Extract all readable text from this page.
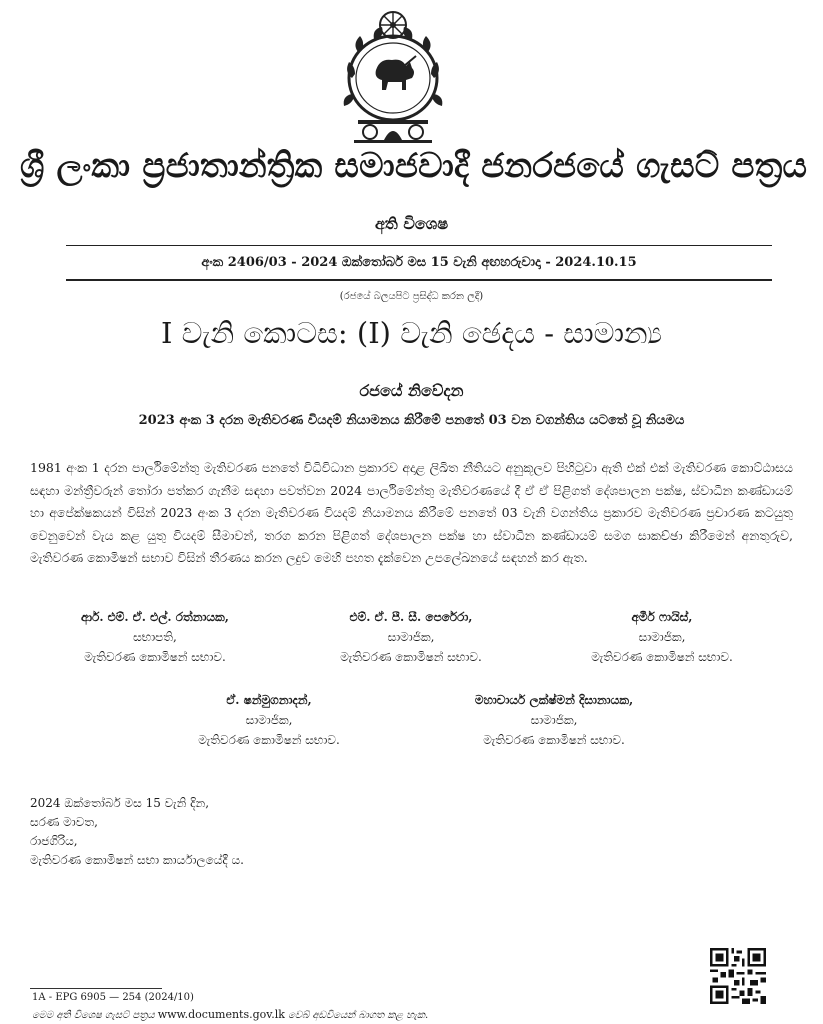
ශ්‍රී ලංකා ප්‍රජාතාන්ත්‍රික සමාජවාදී ජනරජයේ ගැසට් පත්‍රය
අති විශෙෂ
අංක 2406/03 - 2024 ඔක්තෝබර් මස 15 වැනි අඟහරුවාදා - 2024.10.15
(රජයේ බලයපිට ප්‍රසිද්ධ කරන ලදී)
I වැනි කොටස: (I) වැනි ඡෙදය - සාමාන්‍ය
රජයේ නිවේදන
2023 අංක 3 දරන මැතිවරණ වියදම් නියාමනය කිරීමේ පනතේ 03 වන වගන්තිය යටතේ වූ නියමය
1981 අංක 1 දරන පාර්ලිමේන්තු මැතිවරණ පනතේ විධිවිධාන ප්‍රකාරව අදාළ ලිඛිත නීතියට අනුකූලව පිහිටුවා ඇති එක් එක් මැතිවරණ කොට්ඨාසය සඳහා මන්ත්‍රීවරුන් තෝරා පත්කර ගැනීම සඳහා පවත්වන 2024 පාර්ලිමේන්තු මැතිවරණයේ දී ඒ ඒ පිළිගත් දේශපාලන පක්ෂ, ස්වාධීන කණ්ඩායම් හා අපේක්ෂකයන් විසින් 2023 අංක 3 දරන මැතිවරණ වියදම් නියාමනය කිරීමේ පනතේ 03 වැනි වගන්තිය ප්‍රකාරව මැතිවරණ ප්‍රචාරණ කටයුතු වෙනුවෙන් වැය කළ යුතු වියදම් සීමාවන්, තරග කරන පිළිගත් දේශපාලන පක්ෂ හා ස්වාධීන කණ්ඩායම් සමග සාකච්ඡා කිරීමෙන් අනතුරුව, මැතිවරණ කොමිෂන් සභාව විසින් තීරණය කරන ලදුව මෙහි පහත දැක්වෙන උපලේඛනයේ සඳහන් කර ඇත.
ආර්. එම්. ඒ. එල්. රත්නායක,
සභාපති,
මැතිවරණ කොමිෂන් සභාව.
එම්. ඒ. පී. සී. පෙරේරා,
සාමාජික,
මැතිවරණ කොමිෂන් සභාව.
අමීර් ෆායිස්,
සාමාජික,
මැතිවරණ කොමිෂන් සභාව.
ඒ. ෂන්මුගනාදන්,
සාමාජික,
මැතිවරණ කොමිෂන් සභාව.
මහාචාර්ය ලක්ෂ්මන් දිසානායක,
සාමාජික,
මැතිවරණ කොමිෂන් සභාව.
2024 ඔක්තෝබර් මස 15 වැනි දින,
සරණ මාවත,
රාජගිරිය,
මැතිවරණ කොමිෂන් සභා කාර්යාලයේදී ය.
1A - EPG 6905 — 254 (2024/10)
මෙම අති විශෙෂ ගැසට් පත්‍රය www.documents.gov.lk වෙබ් අඩවියෙන් බාගත කළ හැක.
